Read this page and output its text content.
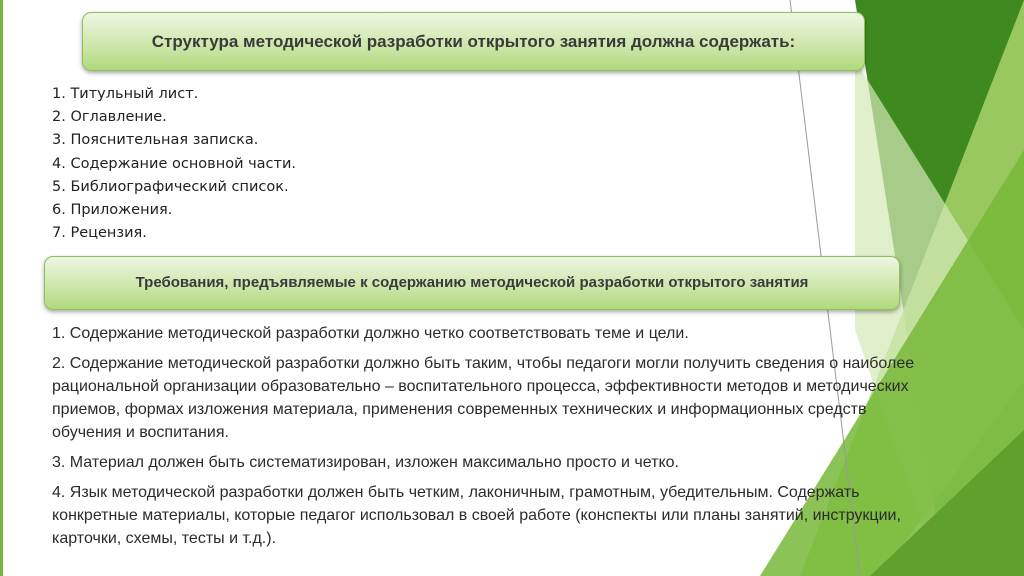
Структура методической разработки открытого занятия должна содержать:
1. Титульный лист.
2. Оглавление.
3. Пояснительная записка.
4. Содержание основной части.
5. Библиографический список.
6. Приложения.
7. Рецензия.
Требования, предъявляемые к содержанию методической разработки открытого занятия

1. Содержание методической разработки должно четко соответствовать теме и цели.

2. Содержание методической разработки должно быть таким, чтобы педагоги могли получить сведения о наиболее рациональной организации образовательно – воспитательного процесса, эффективности методов и методических приемов, формах изложения материала, применения современных технических и информационных средств обучения и воспитания.

3. Материал должен быть систематизирован, изложен максимально просто и четко.

4. Язык методической разработки должен быть четким, лаконичным, грамотным, убедительным. Содержать конкретные материалы, которые педагог использовал в своей работе (конспекты или планы занятий, инструкции, карточки, схемы, тесты и т.д.).
